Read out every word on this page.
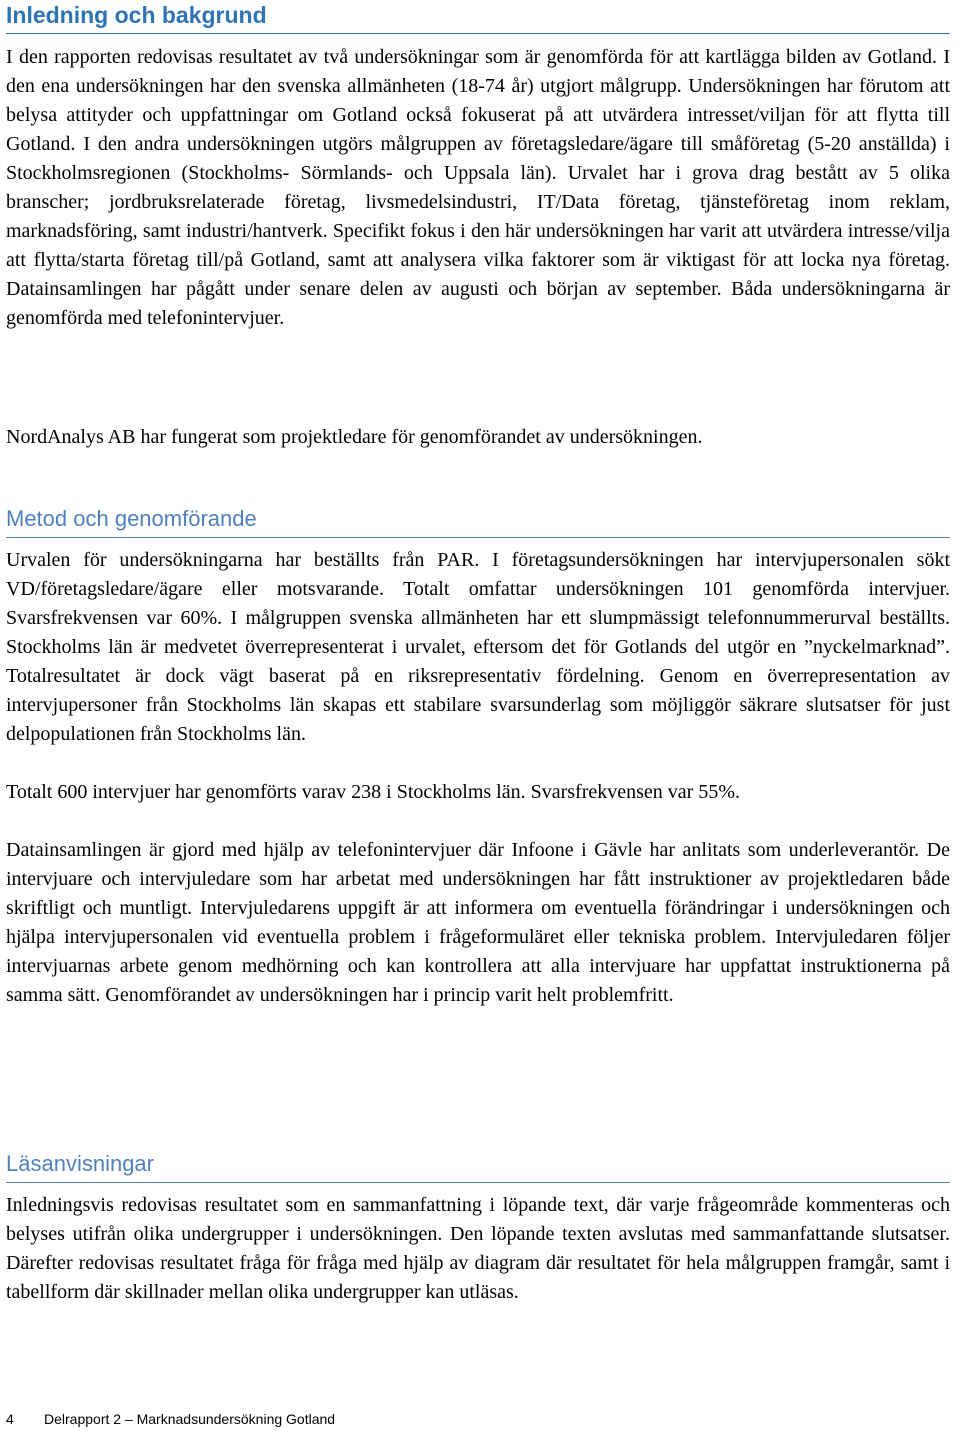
Inledning och bakgrund

I den rapporten redovisas resultatet av två undersökningar som är genomförda för att kartlägga bilden av Gotland. I den ena undersökningen har den svenska allmänheten (18-74 år) utgjort målgrupp. Undersökningen har förutom att belysa attityder och uppfattningar om Gotland också fokuserat på att utvärdera intresset/viljan för att flytta till Gotland. I den andra undersökningen utgörs målgruppen av företagsledare/ägare till småföretag (5-20 anställda) i Stockholmsregionen (Stockholms- Sörmlands- och Uppsala län). Urvalet har i grova drag bestått av 5 olika branscher; jordbruksrelaterade företag, livsmedelsindustri, IT/Data företag, tjänsteföretag inom reklam, marknadsföring, samt industri/hantverk. Specifikt fokus i den här undersökningen har varit att utvärdera intresse/vilja att flytta/starta företag till/på Gotland, samt att analysera vilka faktorer som är viktigast för att locka nya företag. Datainsamlingen har pågått under senare delen av augusti och början av september. Båda undersökningarna är genomförda med telefonintervjuer.

NordAnalys AB har fungerat som projektledare för genomförandet av undersökningen.

Metod och genomförande

Urvalen för undersökningarna har beställts från PAR. I företagsundersökningen har intervjupersonalen sökt VD/företagsledare/ägare eller motsvarande. Totalt omfattar undersökningen 101 genomförda intervjuer. Svarsfrekvensen var 60%. I målgruppen svenska allmänheten har ett slumpmässigt telefonnummerurval beställts. Stockholms län är medvetet överrepresenterat i urvalet, eftersom det för Gotlands del utgör en ”nyckelmarknad”. Totalresultatet är dock vägt baserat på en riksrepresentativ fördelning. Genom en överrepresentation av intervjupersoner från Stockholms län skapas ett stabilare svarsunderlag som möjliggör säkrare slutsatser för just delpopulationen från Stockholms län.

Totalt 600 intervjuer har genomförts varav 238 i Stockholms län. Svarsfrekvensen var 55%.

Datainsamlingen är gjord med hjälp av telefonintervjuer där Infoone i Gävle har anlitats som underleverantör. De intervjuare och intervjuledare som har arbetat med undersökningen har fått instruktioner av projektledaren både skriftligt och muntligt. Intervjuledarens uppgift är att informera om eventuella förändringar i undersökningen och hjälpa intervjupersonalen vid eventuella problem i frågeformuläret eller tekniska problem. Intervjuledaren följer intervjuarnas arbete genom medhörning och kan kontrollera att alla intervjuare har uppfattat instruktionerna på samma sätt. Genomförandet av undersökningen har i princip varit helt problemfritt.

Läsanvisningar

Inledningsvis redovisas resultatet som en sammanfattning i löpande text, där varje frågeområde kommenteras och belyses utifrån olika undergrupper i undersökningen. Den löpande texten avslutas med sammanfattande slutsatser. Därefter redovisas resultatet fråga för fråga med hjälp av diagram där resultatet för hela målgruppen framgår, samt i tabellform där skillnader mellan olika undergrupper kan utläsas.

4 Delrapport 2 – Marknadsundersökning Gotland
